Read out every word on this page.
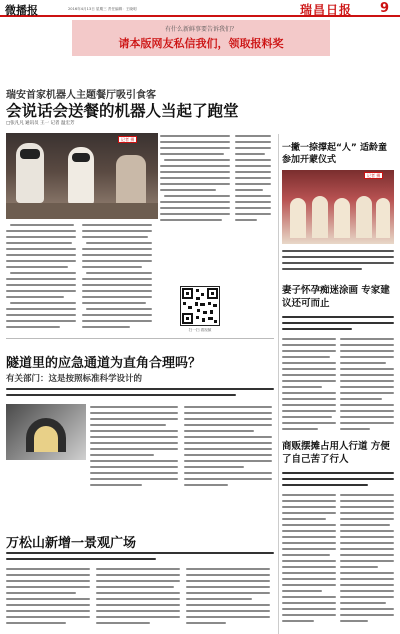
微播报	2016年4月13日 星期三 责任编辑：王晓明	瑞昌日报	9
有什么新鲜事要告诉我们？
请本版网友私信我们，领取报料奖
瑞安首家机器人主题餐厅吸引食客
会说话会送餐的机器人当起了跑堂
□张凡凡 通讯员 王一 记者 温宏芳
记者 摄
扫一扫 看视频
一撇一捺撑起“人” 适龄童参加开蒙仪式
记者 摄
妻子怀孕痴迷涂画 专家建议还可而止
商贩摆摊占用人行道 方便了自己苦了行人
隧道里的应急通道为直角合理吗？
有关部门：这是按照标准科学设计的
万松山新增一景观广场
